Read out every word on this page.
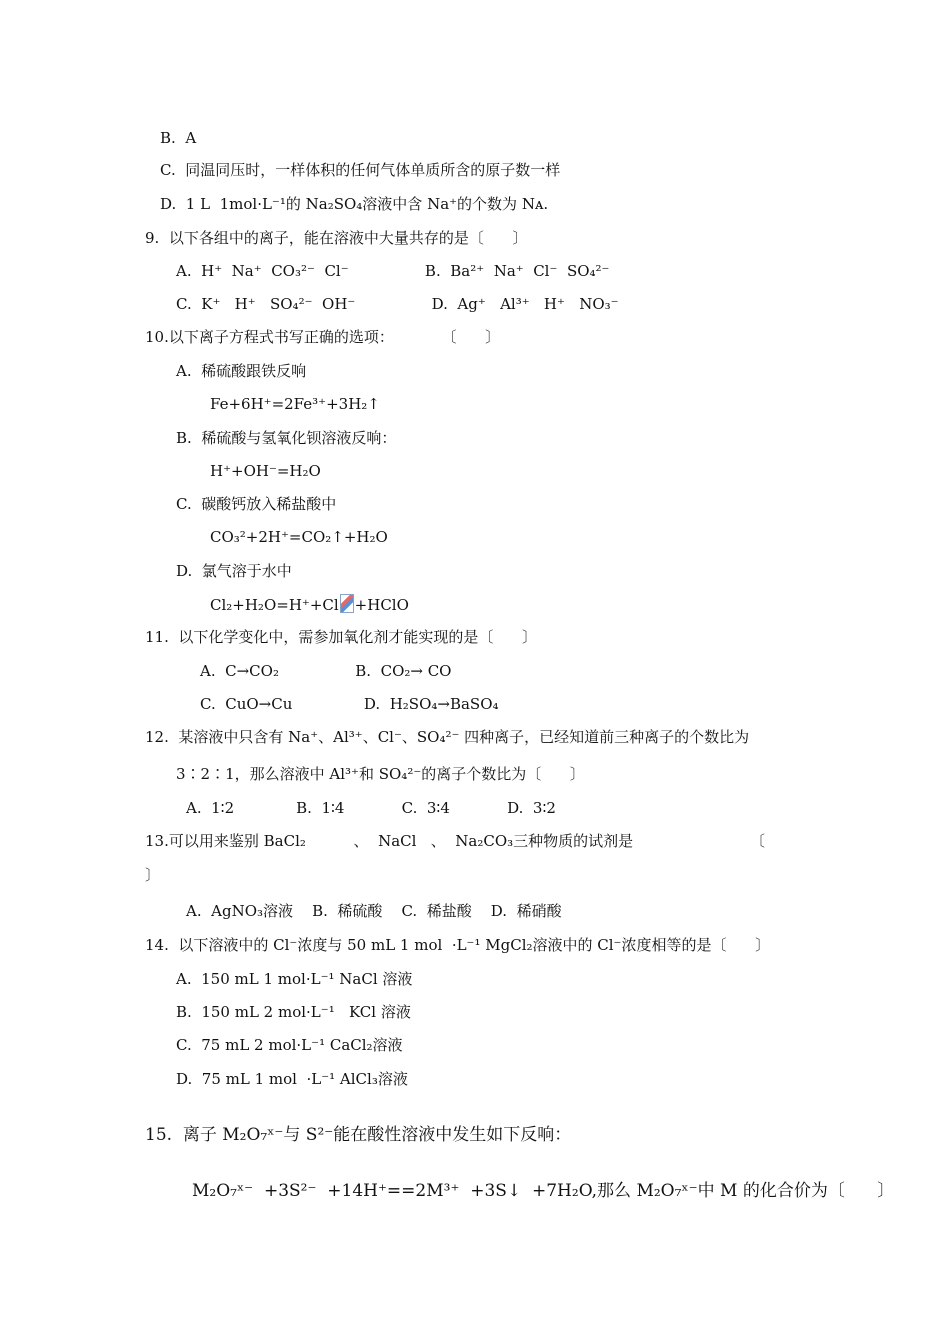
B.  A
C.  同温同压时，一样体积的任何气体单质所含的原子数一样
D.  1 L  1mol·L⁻¹的 Na₂SO₄溶液中含 Na⁺的个数为 Nᴀ.
9.  以下各组中的离子，能在溶液中大量共存的是〔      〕
A.  H⁺  Na⁺  CO₃²⁻  Cl⁻                B.  Ba²⁺  Na⁺  Cl⁻  SO₄²⁻
C.  K⁺   H⁺   SO₄²⁻  OH⁻                D.  Ag⁺   Al³⁺   H⁺   NO₃⁻
10.以下离子方程式书写正确的选项：          〔      〕
A.  稀硫酸跟铁反响
Fe+6H⁺=2Fe³⁺+3H₂↑
B.  稀硫酸与氢氧化钡溶液反响：
H⁺+OH⁻=H₂O
C.  碳酸钙放入稀盐酸中
CO₃²+2H⁺=CO₂↑+H₂O
D.  氯气溶于水中
Cl₂+H₂O=H⁺+Cl +HClO
11.  以下化学变化中，需参加氧化剂才能实现的是〔      〕
A.  C→CO₂                B.  CO₂→ CO
C.  CuO→Cu               D.  H₂SO₄→BaSO₄
12.  某溶液中只含有 Na⁺、Al³⁺、Cl⁻、SO₄²⁻ 四种离子，已经知道前三种离子的个数比为
3∶2∶1，那么溶液中 Al³⁺和 SO₄²⁻的离子个数比为〔      〕
A.  1∶2             B.  1∶4            C.  3∶4            D.  3∶2
13.可以用来鉴别 BaCl₂          、  NaCl   、  Na₂CO₃三种物质的试剂是	〔
〕
A.  AgNO₃溶液    B.  稀硫酸    C.  稀盐酸    D.  稀硝酸
14.  以下溶液中的 Cl⁻浓度与 50 mL 1 mol  ·L⁻¹ MgCl₂溶液中的 Cl⁻浓度相等的是〔      〕
A.  150 mL 1 mol·L⁻¹ NaCl 溶液
B.  150 mL 2 mol·L⁻¹   KCl 溶液
C.  75 mL 2 mol·L⁻¹ CaCl₂溶液
D.  75 mL 1 mol  ·L⁻¹ AlCl₃溶液
15.  离子 M₂O₇ˣ⁻与 S²⁻能在酸性溶液中发生如下反响：
M₂O₇ˣ⁻  +3S²⁻  +14H⁺==2M³⁺  +3S↓  +7H₂O,那么 M₂O₇ˣ⁻中 M 的化合价为〔      〕
